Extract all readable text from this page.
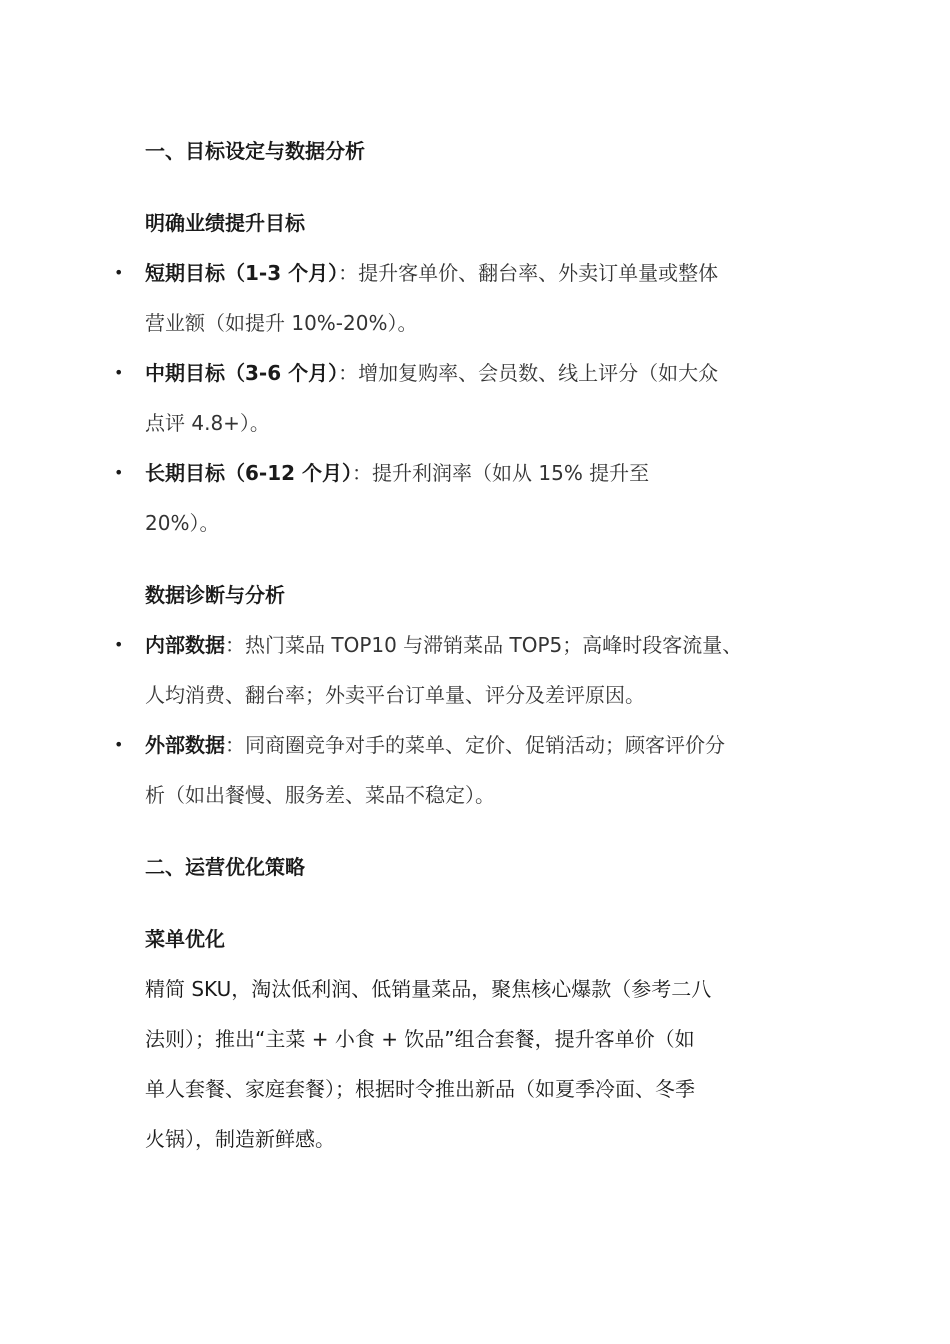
一、目标设定与数据分析

明确业绩提升目标

• 短期目标（1-3 个月）：提升客单价、翻台率、外卖订单量或整体
营业额（如提升 10%-20%）。
• 中期目标（3-6 个月）：增加复购率、会员数、线上评分（如大众
点评 4.8+）。
• 长期目标（6-12 个月）：提升利润率（如从 15% 提升至
20%）。

数据诊断与分析

• 内部数据：热门菜品 TOP10 与滞销菜品 TOP5；高峰时段客流量、
人均消费、翻台率；外卖平台订单量、评分及差评原因。
• 外部数据：同商圈竞争对手的菜单、定价、促销活动；顾客评价分
析（如出餐慢、服务差、菜品不稳定）。

二、运营优化策略

菜单优化

精简 SKU，淘汰低利润、低销量菜品，聚焦核心爆款（参考二八

法则）；推出“主菜 + 小食 + 饮品”组合套餐，提升客单价（如

单人套餐、家庭套餐）；根据时令推出新品（如夏季冷面、冬季

火锅），制造新鲜感。
